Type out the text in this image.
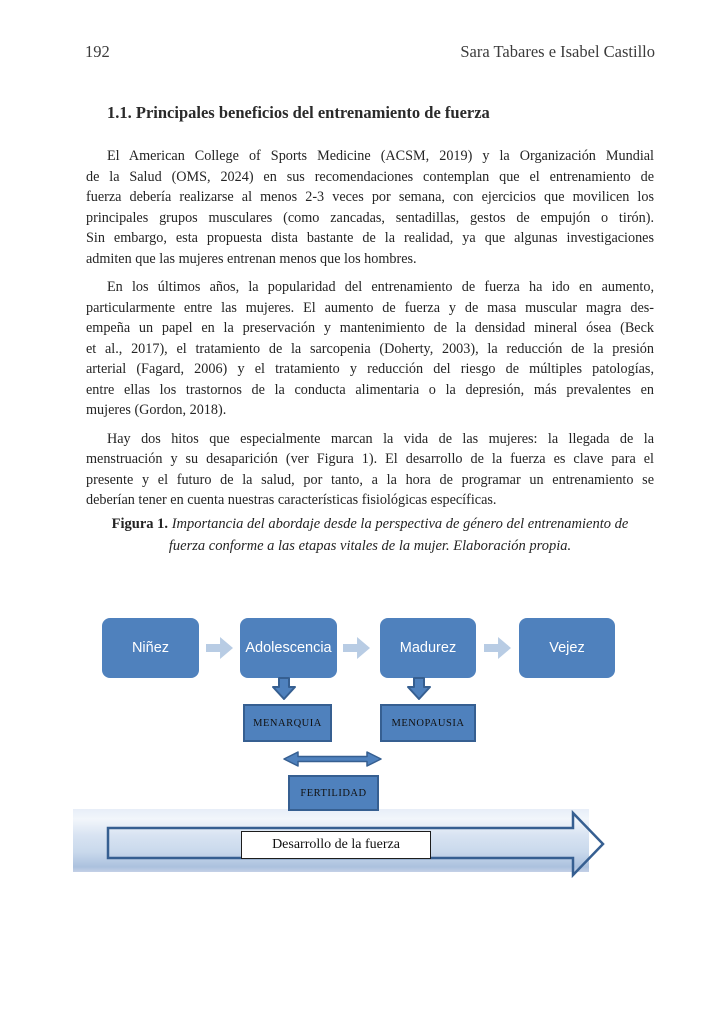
192	Sara Tabares e Isabel Castillo
1.1. Principales beneficios del entrenamiento de fuerza
El American College of Sports Medicine (ACSM, 2019) y la Organización Mundial
de la Salud (OMS, 2024) en sus recomendaciones contemplan que el entrenamiento de
fuerza debería realizarse al menos 2-3 veces por semana, con ejercicios que movilicen los
principales grupos musculares (como zancadas, sentadillas, gestos de empujón o tirón).
Sin embargo, esta propuesta dista bastante de la realidad, ya que algunas investigaciones
admiten que las mujeres entrenan menos que los hombres.
En los últimos años, la popularidad del entrenamiento de fuerza ha ido en aumento,
particularmente entre las mujeres. El aumento de fuerza y de masa muscular magra des-
empeña un papel en la preservación y mantenimiento de la densidad mineral ósea (Beck
et al., 2017), el tratamiento de la sarcopenia (Doherty, 2003), la reducción de la presión
arterial (Fagard, 2006) y el tratamiento y reducción del riesgo de múltiples patologías,
entre ellas los trastornos de la conducta alimentaria o la depresión, más prevalentes en
mujeres (Gordon, 2018).
Hay dos hitos que especialmente marcan la vida de las mujeres: la llegada de la
menstruación y su desaparición (ver Figura 1). El desarrollo de la fuerza es clave para el
presente y el futuro de la salud, por tanto, a la hora de programar un entrenamiento se
deberían tener en cuenta nuestras características fisiológicas específicas.
Figura 1. Importancia del abordaje desde la perspectiva de género del entrenamiento de
fuerza conforme a las etapas vitales de la mujer. Elaboración propia.
Niñez	Adolescencia	Madurez	Vejez
MENARQUIA	MENOPAUSIA
FERTILIDAD
Desarrollo de la fuerza
